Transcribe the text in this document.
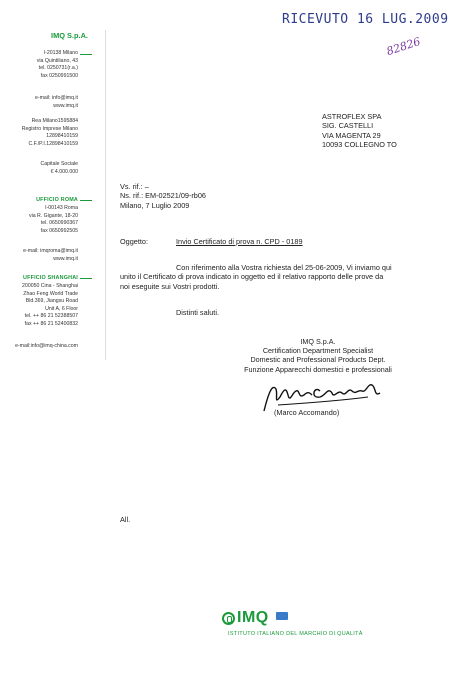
RICEVUTO 16 LUG.2009
82826
IMQ S.p.A.
I-20138 Milano
via Quintiliano, 43
tel. 0250731(r.a.)
fax 0250991500
e-mail: info@imq.it
www.imq.it
Rea Milano1595884
Registro Imprese Milano
12898410159
C.F./P.I.12898410159
Capitale Sociale
€ 4.000.000
UFFICIO ROMA
I-00143 Roma
via R. Gigante, 18-20
tel. 0650990367
fax 0650992505
e-mail: imqroma@imq.it
www.imq.it
UFFICIO SHANGHAI
200050 Cina - Shanghai
Zhao Feng World Trade
Bld.369, Jiangsu Road
Unit A, 6 Floor
tel. ++ 86 21 52388507
fax ++ 86 21 52400832
e-mail:info@imq-china.com
ASTROFLEX SPA
SIG. CASTELLI
VIA MAGENTA 29
10093 COLLEGNO TO
Vs. rif.: –
Ns. rif.: EM-02521/09-rb06
Milano, 7 Luglio 2009
Oggetto:	Invio Certificato di prova n. CPD - 0189
Con riferimento alla Vostra richiesta del 25-06-2009, Vi inviamo qui
unito il Certificato di prova indicato in oggetto ed il relativo rapporto delle prove da
noi eseguite sui Vostri prodotti.
Distinti saluti.
IMQ S.p.A.
Certification Department Specialist
Domestic and Professional Products Dept.
Funzione Apparecchi domestici e professionali
(Marco Accomando)
All.
IMQ
ISTITUTO ITALIANO DEL MARCHIO DI QUALITÀ
